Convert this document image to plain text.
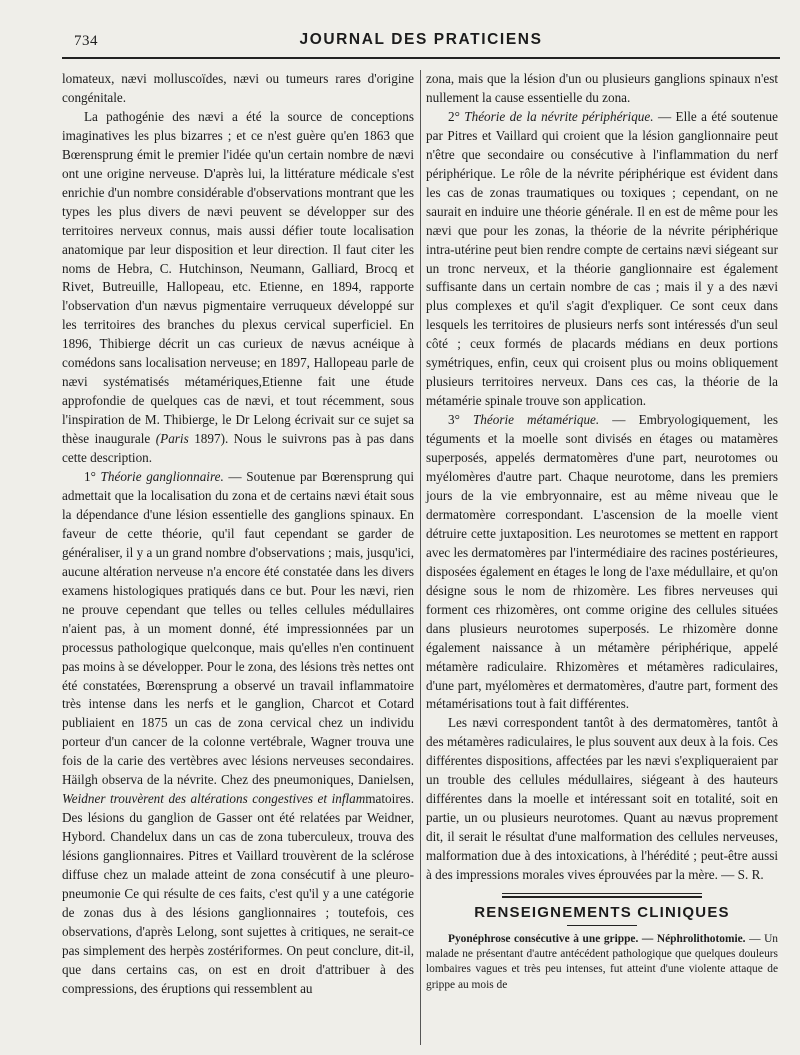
734	JOURNAL DES PRATICIENS

lomateux, nævi molluscoïdes, nævi ou tumeurs rares d'origine congénitale.

La pathogénie des nævi a été la source de conceptions imaginatives les plus bizarres ; et ce n'est guère qu'en 1863 que Bœrensprung émit le premier l'idée qu'un certain nombre de nævi ont une origine nerveuse. D'après lui, la littérature médicale s'est enrichie d'un nombre considérable d'observations montrant que les types les plus divers de nævi peuvent se développer sur des territoires nerveux connus, mais aussi défier toute localisation anatomique par leur disposition et leur direction. Il faut citer les noms de Hebra, C. Hutchinson, Neumann, Galliard, Brocq et Rivet, Butreuille, Hallopeau, etc. Etienne, en 1894, rapporte l'observation d'un nævus pigmentaire verruqueux développé sur les territoires des branches du plexus cervical superficiel. En 1896, Thibierge décrit un cas curieux de nævus acnéique à comédons sans localisation nerveuse; en 1897, Hallopeau parle de nævi systématisés métamériques,Etienne fait une étude approfondie de quelques cas de nævi, et tout récemment, sous l'inspiration de M. Thibierge, le Dr Lelong écrivait sur ce sujet sa thèse inaugurale (Paris 1897). Nous le suivrons pas à pas dans cette description.

1° Théorie ganglionnaire. — Soutenue par Bœrensprung qui admettait que la localisation du zona et de certains nævi était sous la dépendance d'une lésion essentielle des ganglions spinaux. En faveur de cette théorie, qu'il faut cependant se garder de généraliser, il y a un grand nombre d'observations ; mais, jusqu'ici, aucune altération nerveuse n'a encore été constatée dans les divers examens histologiques pratiqués dans ce but. Pour les nævi, rien ne prouve cependant que telles ou telles cellules médullaires n'aient pas, à un moment donné, été impressionnées par un processus pathologique quelconque, mais qu'elles n'en continuent pas moins à se développer. Pour le zona, des lésions très nettes ont été constatées, Bœrensprung a observé un travail inflammatoire très intense dans les nerfs et le ganglion, Charcot et Cotard publiaient en 1875 un cas de zona cervical chez un individu porteur d'un cancer de la colonne vertébrale, Wagner trouva une fois de la carie des vertèbres avec lésions nerveuses secondaires. Häilgh observa de la névrite. Chez des pneumoniques, Danielsen, Weidner trouvèrent des altérations congestives et inflammatoires. Des lésions du ganglion de Gasser ont été relatées par Weidner, Hybord. Chandelux dans un cas de zona tuberculeux, trouva des lésions ganglionnaires. Pitres et Vaillard trouvèrent de la sclérose diffuse chez un malade atteint de zona consécutif à une pleuro-pneumonie Ce qui résulte de ces faits, c'est qu'il y a une catégorie de zonas dus à des lésions ganglionnaires ; toutefois, ces observations, d'après Lelong, sont sujettes à critiques, ne serait-ce pas simplement des herpès zostériformes. On peut conclure, dit-il, que dans certains cas, on est en droit d'attribuer à des compressions, des éruptions qui ressemblent au

zona, mais que la lésion d'un ou plusieurs ganglions spinaux n'est nullement la cause essentielle du zona.

2° Théorie de la névrite périphérique. — Elle a été soutenue par Pitres et Vaillard qui croient que la lésion ganglionnaire peut n'être que secondaire ou consécutive à l'inflammation du nerf périphérique. Le rôle de la névrite périphérique est évident dans les cas de zonas traumatiques ou toxiques ; cependant, on ne saurait en induire une théorie générale. Il en est de même pour les nævi que pour les zonas, la théorie de la névrite périphérique intra-utérine peut bien rendre compte de certains nævi siégeant sur un tronc nerveux, et la théorie ganglionnaire est également suffisante dans un certain nombre de cas ; mais il y a des nævi plus complexes et qu'il s'agit d'expliquer. Ce sont ceux dans lesquels les territoires de plusieurs nerfs sont intéressés d'un seul côté ; ceux formés de placards médians en deux portions symétriques, enfin, ceux qui croisent plus ou moins obliquement plusieurs territoires nerveux. Dans ces cas, la théorie de la métamérie spinale trouve son application.

3° Théorie métamérique. — Embryologiquement, les téguments et la moelle sont divisés en étages ou matamères superposés, appelés dermatomères d'une part, neurotomes ou myélomères d'autre part. Chaque neurotome, dans les premiers jours de la vie embryonnaire, est au même niveau que le dermatomère correspondant. L'ascension de la moelle vient détruire cette juxtaposition. Les neurotomes se mettent en rapport avec les dermatomères par l'intermédiaire des racines postérieures, disposées également en étages le long de l'axe médullaire, et qu'on désigne sous le nom de rhizomère. Les fibres nerveuses qui forment ces rhizomères, ont comme origine des cellules situées dans plusieurs neurotomes superposés. Le rhizomère donne également naissance à un métamère périphérique, appelé métamère radiculaire. Rhizomères et métamères radiculaires, d'une part, myélomères et dermatomères, d'autre part, forment des métamérisations tout à fait différentes.

Les nævi correspondent tantôt à des dermatomères, tantôt à des métamères radiculaires, le plus souvent aux deux à la fois. Ces différentes dispositions, affectées par les nævi s'expliqueraient par un trouble des cellules médullaires, siégeant à des hauteurs différentes dans la moelle et intéressant soit en totalité, soit en partie, un ou plusieurs neurotomes. Quant au nævus proprement dit, il serait le résultat d'une malformation des cellules nerveuses, malformation due à des intoxications, à l'hérédité ; peut-être aussi à des impressions morales vives éprouvées par la mère. — S. R.

RENSEIGNEMENTS CLINIQUES

Pyonéphrose consécutive à une grippe. — Néphrolithotomie. — Un malade ne présentant d'autre antécédent pathologique que quelques douleurs lombaires vagues et très peu intenses, fut atteint d'une violente attaque de grippe au mois de
